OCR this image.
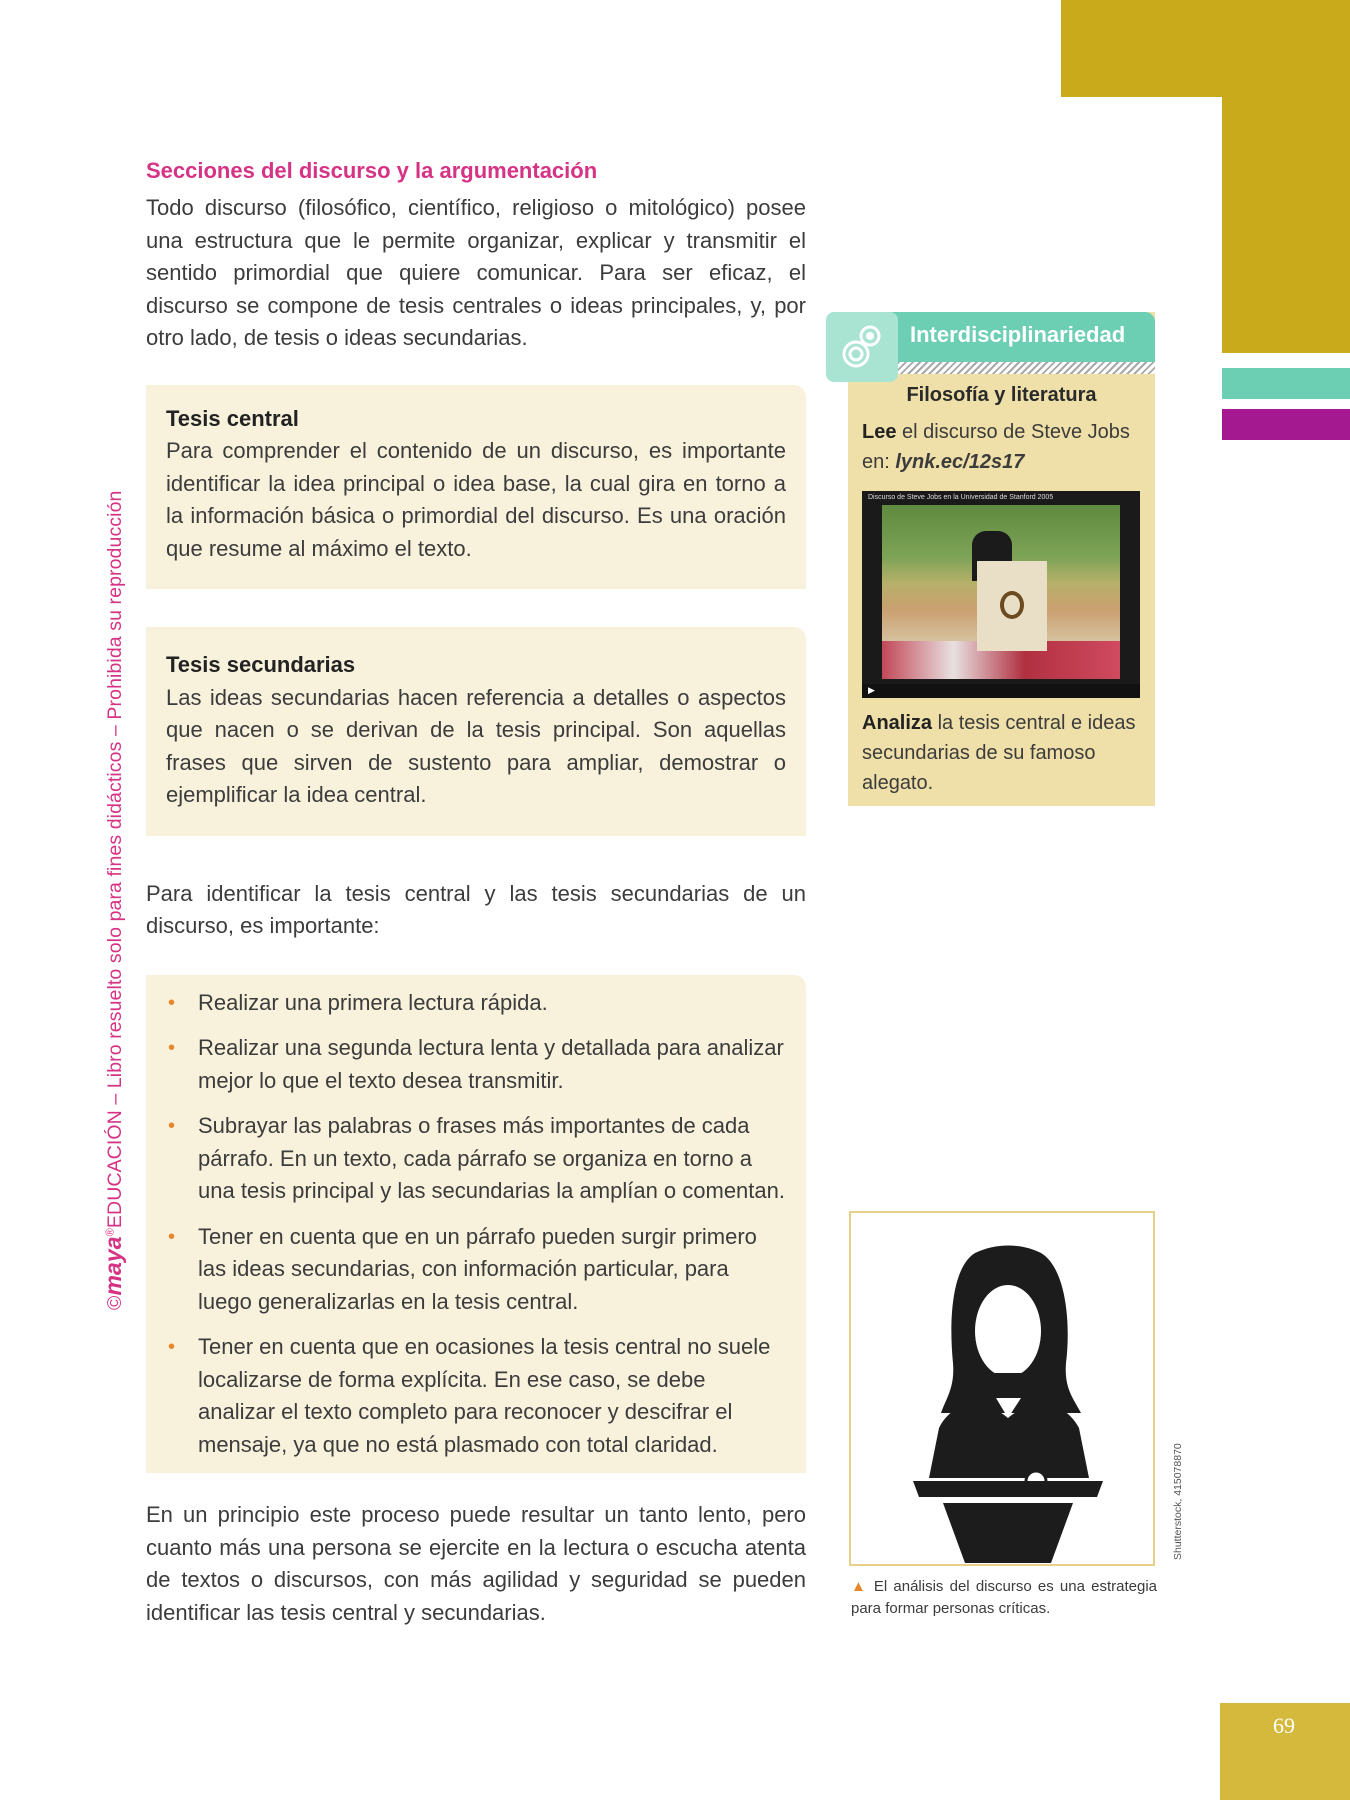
©maya®EDUCACIÓN – Libro resuelto solo para fines didácticos – Prohibida su reproducción
Secciones del discurso y la argumentación

Todo discurso (filosófico, científico, religioso o mitológico) posee una estructura que le permite organizar, explicar y transmitir el sentido primordial que quiere comunicar. Para ser eficaz, el discurso se compone de tesis centrales o ideas principales, y, por otro lado, de tesis o ideas secundarias.

Tesis central
Para comprender el contenido de un discurso, es importante identificar la idea principal o idea base, la cual gira en torno a la información básica o primordial del discurso. Es una oración que resume al máximo el texto.
Tesis secundarias
Las ideas secundarias hacen referencia a detalles o aspectos que nacen o se derivan de la tesis principal. Son aquellas frases que sirven de sustento para ampliar, demostrar o ejemplificar la idea central.

Para identificar la tesis central y las tesis secundarias de un discurso, es importante:

• Realizar una primera lectura rápida.
• Realizar una segunda lectura lenta y detallada para analizar mejor lo que el texto desea transmitir.
• Subrayar las palabras o frases más importantes de cada párrafo. En un texto, cada párrafo se organiza en torno a una tesis principal y las secundarias la amplían o comentan.
• Tener en cuenta que en un párrafo pueden surgir primero las ideas secundarias, con información particular, para luego generalizarlas en la tesis central.
• Tener en cuenta que en ocasiones la tesis central no suele localizarse de forma explícita. En ese caso, se debe analizar el texto completo para reconocer y descifrar el mensaje, ya que no está plasmado con total claridad.

En un principio este proceso puede resultar un tanto lento, pero cuanto más una persona se ejercite en la lectura o escucha atenta de textos o discursos, con más agilidad y seguridad se pueden identificar las tesis central y secundarias.

Interdisciplinariedad
Filosofía y literatura
Lee el discurso de Steve Jobs en: lynk.ec/12s17
Discurso de Steve Jobs en la Universidad de Stanford 2005
▶
Analiza la tesis central e ideas secundarias de su famoso alegato.
Shutterstock, 415078870
▲ El análisis del discurso es una estrategia para formar personas críticas.
69
